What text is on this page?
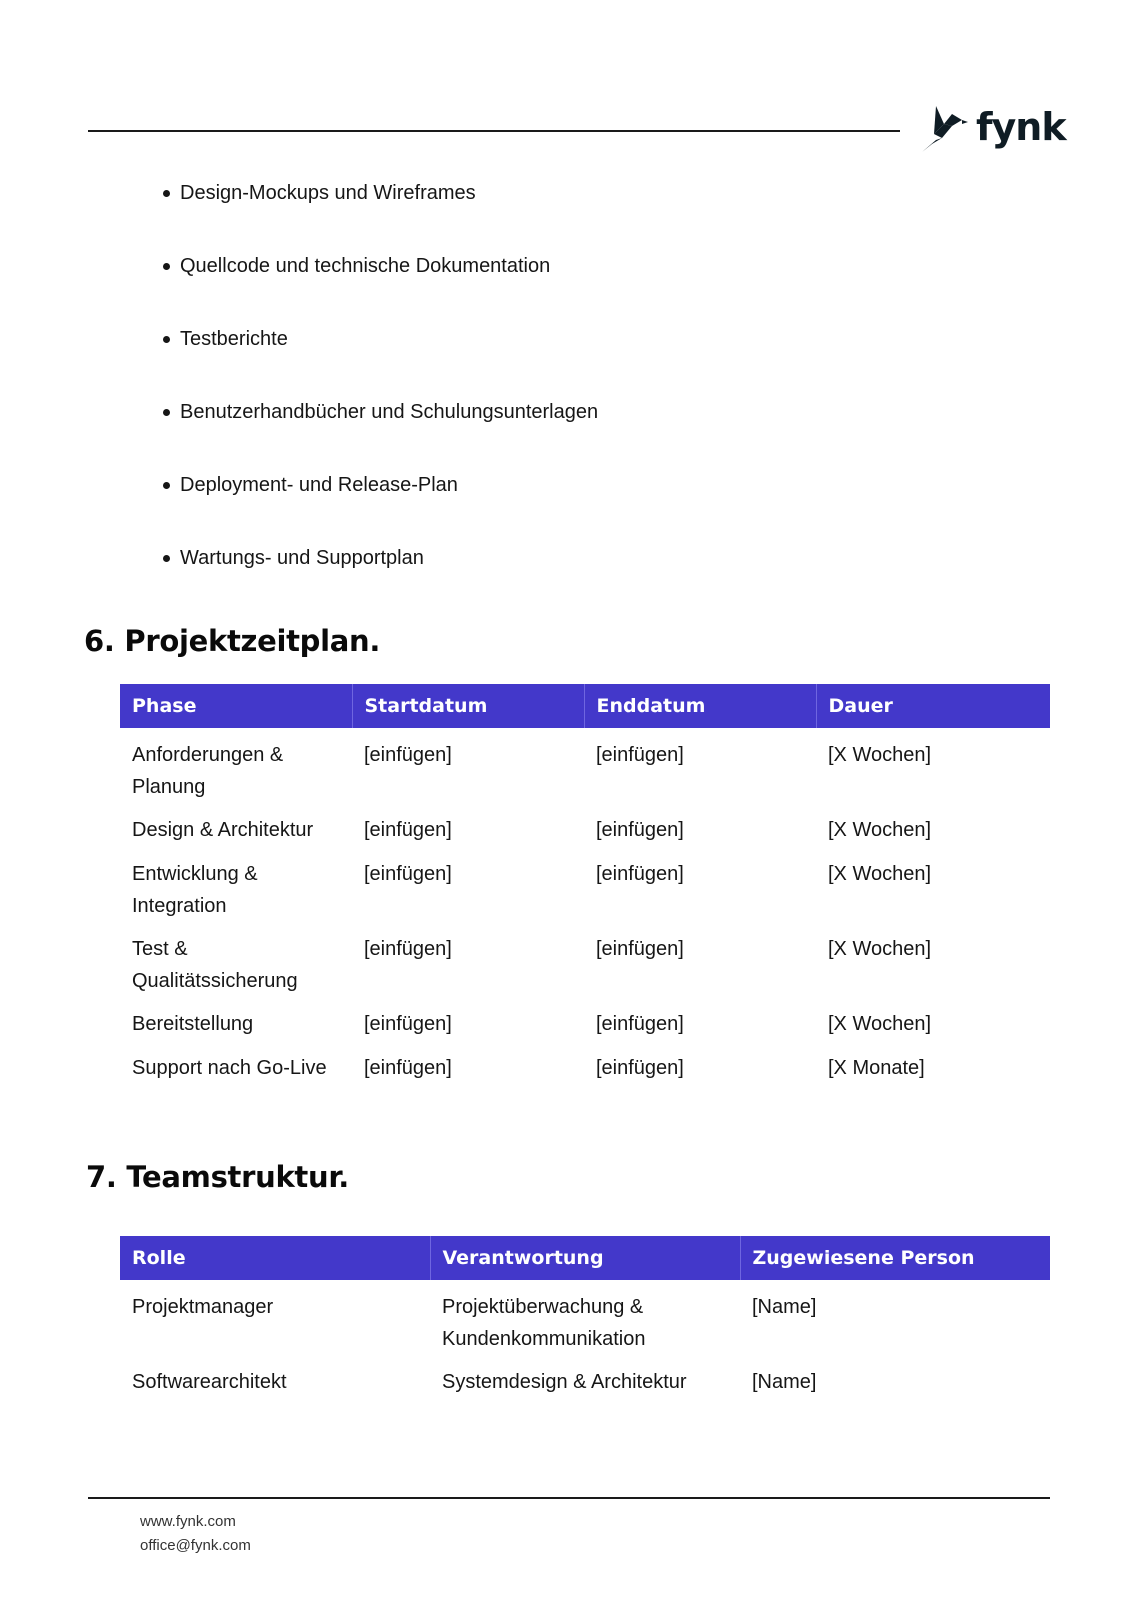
fynk
Design-Mockups und Wireframes
Quellcode und technische Dokumentation
Testberichte
Benutzerhandbücher und Schulungsunterlagen
Deployment- und Release-Plan
Wartungs- und Supportplan
6. Projektzeitplan.
Phase	Startdatum	Enddatum	Dauer
Anforderungen & Planung	[einfügen]	[einfügen]	[X Wochen]
Design & Architektur	[einfügen]	[einfügen]	[X Wochen]
Entwicklung & Integration	[einfügen]	[einfügen]	[X Wochen]
Test & Qualitätssicherung	[einfügen]	[einfügen]	[X Wochen]
Bereitstellung	[einfügen]	[einfügen]	[X Wochen]
Support nach Go-Live	[einfügen]	[einfügen]	[X Monate]
7. Teamstruktur.
Rolle	Verantwortung	Zugewiesene Person
Projektmanager	Projektüberwachung & Kundenkommunikation	[Name]
Softwarearchitekt	Systemdesign & Architektur	[Name]
www.fynk.com
office@fynk.com
